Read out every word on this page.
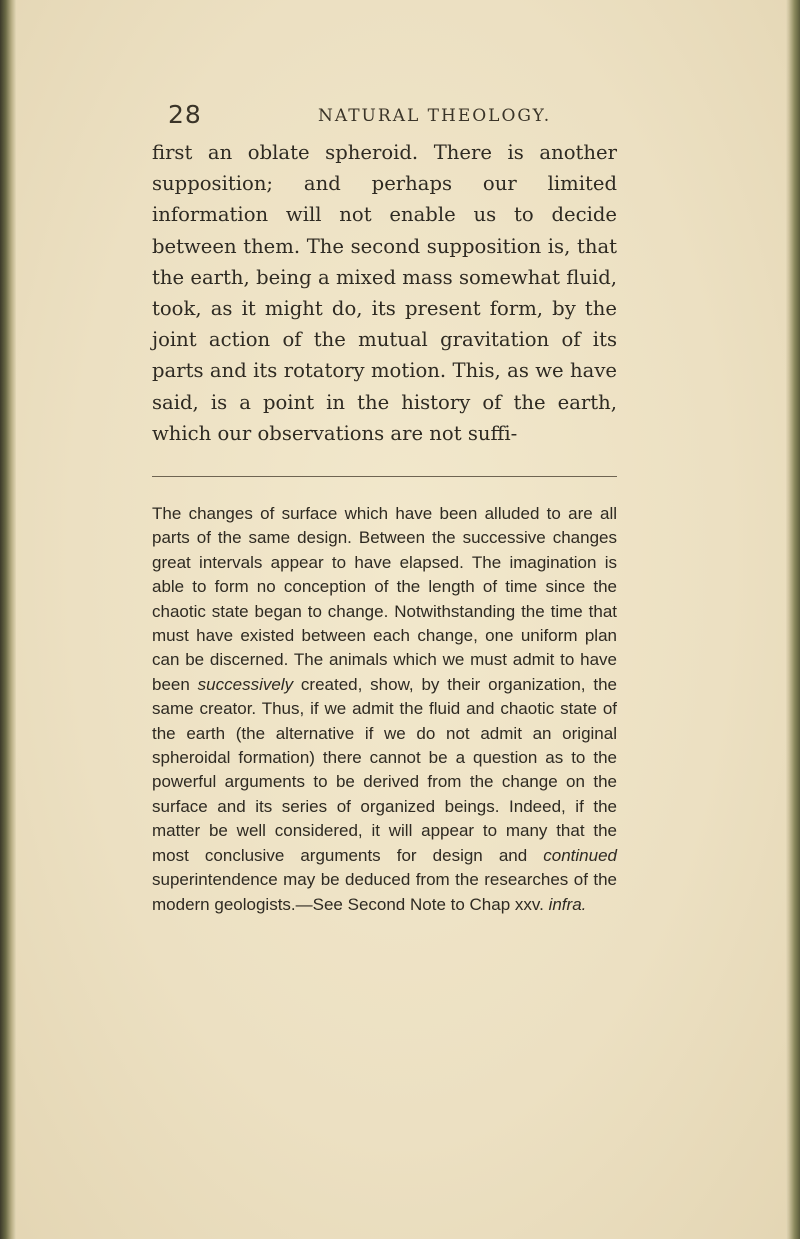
28	NATURAL THEOLOGY.
first an oblate spheroid. There is another supposition; and perhaps our limited information will not enable us to decide between them. The second supposition is, that the earth, being a mixed mass somewhat fluid, took, as it might do, its present form, by the joint action of the mutual gravitation of its parts and its rotatory motion. This, as we have said, is a point in the history of the earth, which our observations are not suffi-
The changes of surface which have been alluded to are all parts of the same design. Between the successive changes great intervals appear to have elapsed. The imagination is able to form no conception of the length of time since the chaotic state began to change. Notwithstanding the time that must have existed between each change, one uniform plan can be discerned. The animals which we must admit to have been successively created, show, by their organization, the same creator. Thus, if we admit the fluid and chaotic state of the earth (the alternative if we do not admit an original spheroidal formation) there cannot be a question as to the powerful arguments to be derived from the change on the surface and its series of organized beings. Indeed, if the matter be well considered, it will appear to many that the most conclusive arguments for design and continued superintendence may be deduced from the researches of the modern geologists.—See Second Note to Chap xxv. infra.
